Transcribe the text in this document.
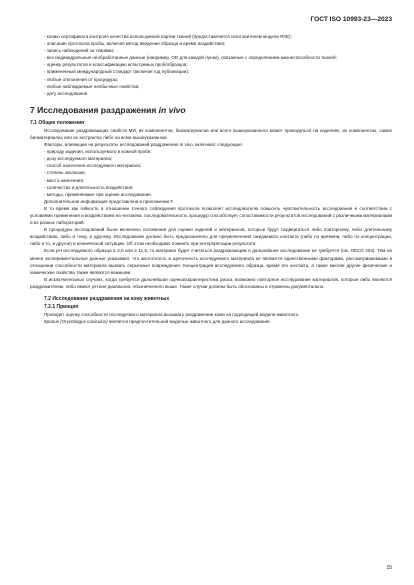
ГОСТ ISO 10993-23—2023

- копию сертификата контроля качества используемой партии тканей (предоставляется изготовителем модели RhE);

- описание протокола пробы, включая метод введения образца и время воздействия;

- запись наблюдений за тканями;

- все индивидуальные необработанные данные (например, OD для каждой лунки), связанные с определением жизнеспособности тканей;

- оценку результатов и классификацию испытуемых проб/образцов;

- примененный международный стандарт (включая год публикации);

- любые отклонения от процедуры;

- любые наблюдаемые необычные свойства;

- дату исследования

7 Исследования раздражения in vivo
7.1 Общие положения

Исследование раздражающих свойств МИ, их компонентов, биоматериалов или всего вышеуказанного может проводиться на изделиях, их компонентах, самих биоматериалах или их экстрактах либо на всем вышеуказанном.

Факторы, влияющие на результаты исследований раздражения in vivo, включают следующие:

- природу изделия, используемого в кожной пробе;

- дозу исследуемого материала;

- способ нанесения исследуемого материала;

- степень окклюзии;

- место нанесения;

- количество и длительность воздействия;

- методы, применяемые при оценке исследования.

Дополнительная информация представлена в приложении F.

В то время как гибкость в отношении точного соблюдения протокола позволяет исследователю повысить чувствительность исследования в соответствии с условиями применения и воздействием на человека, последовательность процедур способствует сопоставимости результатов исследований с различными материалами и из разных лабораторий.

В процедуры исследований были включены положения для оценки изделий и материалов, которые будут подвергаться либо повторному, либо длительному воздействию, либо и тому, и другому. Исследование должно быть предназначено для преувеличения ожидаемого контакта (либо по времени, либо по концентрации, либо и то, и другое) в клинической ситуации. Об этом необходимо помнить при интерпретации результата.

Если pH исследуемого образца ≤ 2,0 или ≥ 11,5, то материал будет считаться раздражающим и дальнейшее исследование не требуется (см. OECD 404). Тем не менее экспериментальные данные указывают, что кислотность и щелочность исследуемого материала не являются единственными факторами, рассматриваемыми в отношении способности материала вызвать серьезные повреждения. Концентрация исследуемого образца, время его контакта, а также многие другие физические и химические свойства также являются важными.

В исключительных случаях, когда требуется дальнейшая оценка/характеристика риска, возможно повторное исследование материалов, которые либо являются раздражителем, либо имеют pH вне диапазона, обозначенного выше. Такие случаи должны быть обоснованы и отражены документально.

7.2 Исследование раздражения на кожу животных
7.2.1 Принцип

Проводят оценку способности исследуемого материала вызывать раздражение кожи на подходящей модели животного.

Кролик (Oryctolagus cuniculus) является предпочтительной моделью животного для данного исследования.

15
